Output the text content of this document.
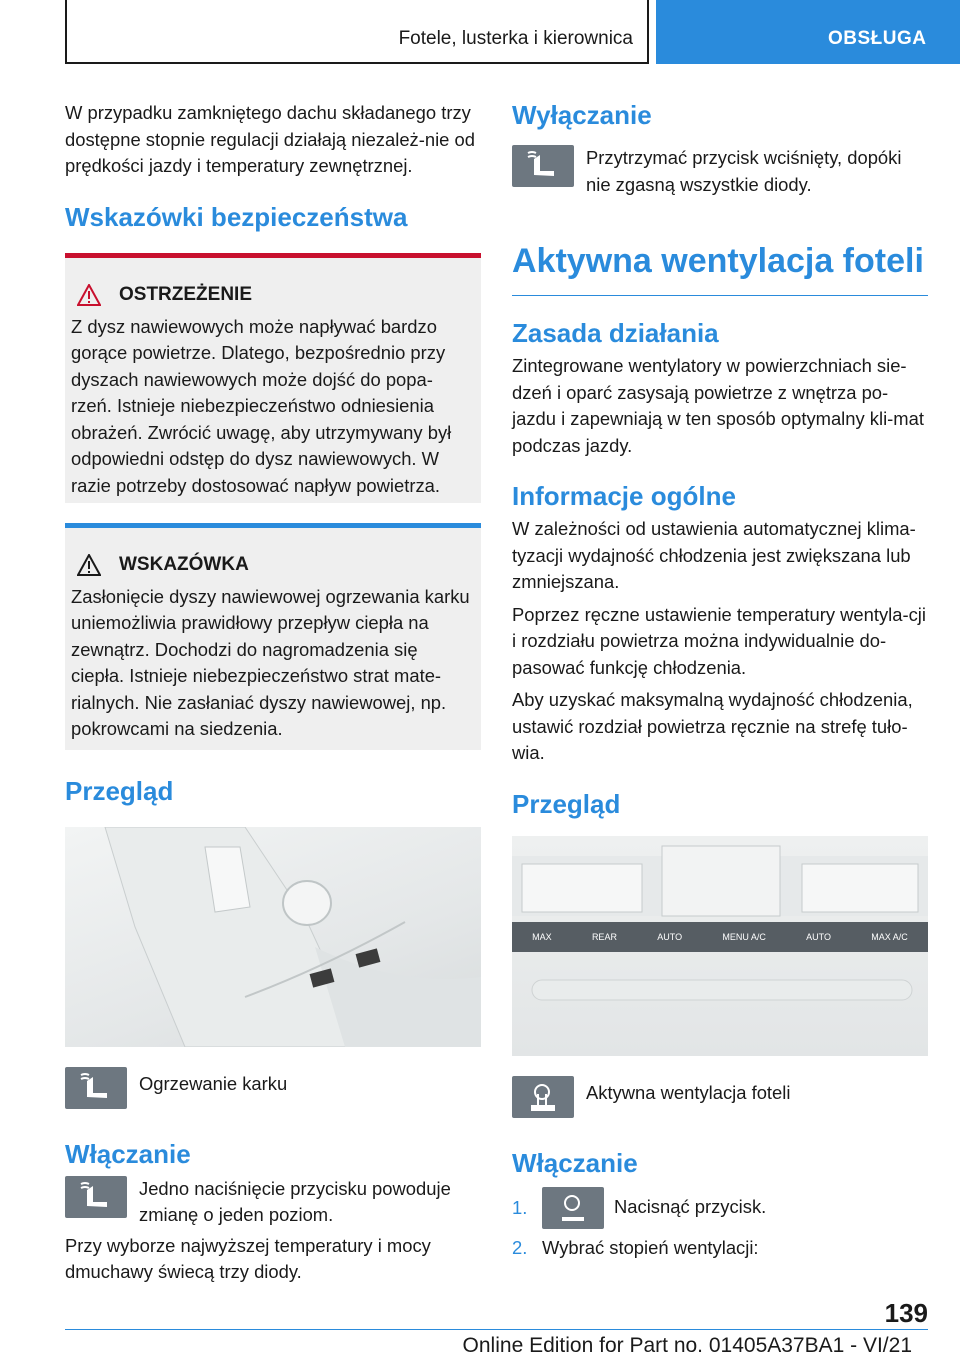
Fotele, lusterka i kierownica	OBSŁUGA

W przypadku zamkniętego dachu składanego trzy dostępne stopnie regulacji działają niezależ-nie od prędkości jazdy i temperatury zewnętrznej.

Wskazówki bezpieczeństwa
OSTRZEŻENIE

Z dysz nawiewowych może napływać bardzo gorące powietrze. Dlatego, bezpośrednio przy dyszach nawiewowych może dojść do popa-rzeń. Istnieje niebezpieczeństwo odniesienia obrażeń. Zwrócić uwagę, aby utrzymywany był odpowiedni odstęp do dysz nawiewowych. W razie potrzeby dostosować napływ powietrza.

WSKAZÓWKA

Zasłonięcie dyszy nawiewowej ogrzewania karku uniemożliwia prawidłowy przepływ ciepła na zewnątrz. Dochodzi do nagromadzenia się ciepła. Istnieje niebezpieczeństwo strat mate-rialnych. Nie zasłaniać dyszy nawiewowej, np. pokrowcami na siedzenia.

Przegląd

Ogrzewanie karku

Włączanie

Jedno naciśnięcie przycisku powoduje zmianę o jeden poziom.

Przy wyborze najwyższej temperatury i mocy dmuchawy świecą trzy diody.

Wyłączanie

Przytrzymać przycisk wciśnięty, dopóki nie zgasną wszystkie diody.

Aktywna wentylacja foteli
Zasada działania

Zintegrowane wentylatory w powierzchniach sie-dzeń i oparć zasysają powietrze z wnętrza po-jazdu i zapewniają w ten sposób optymalny kli-mat podczas jazdy.

Informacje ogólne

W zależności od ustawienia automatycznej klima-tyzacji wydajność chłodzenia jest zwiększana lub zmniejszana.

Poprzez ręczne ustawienie temperatury wentyla-cji i rozdziału powietrza można indywidualnie do-pasować funkcję chłodzenia.

Aby uzyskać maksymalną wydajność chłodzenia, ustawić rozdział powietrza ręcznie na strefę tuło-wia.

Przegląd
MAX	REAR	AUTO	MENU A/C	AUTO	MAX A/C

Aktywna wentylacja foteli

Włączanie
1.	Nacisnąć przycisk.

2. Wybrać stopień wentylacji:

139
Online Edition for Part no. 01405A37BA1 - VI/21
